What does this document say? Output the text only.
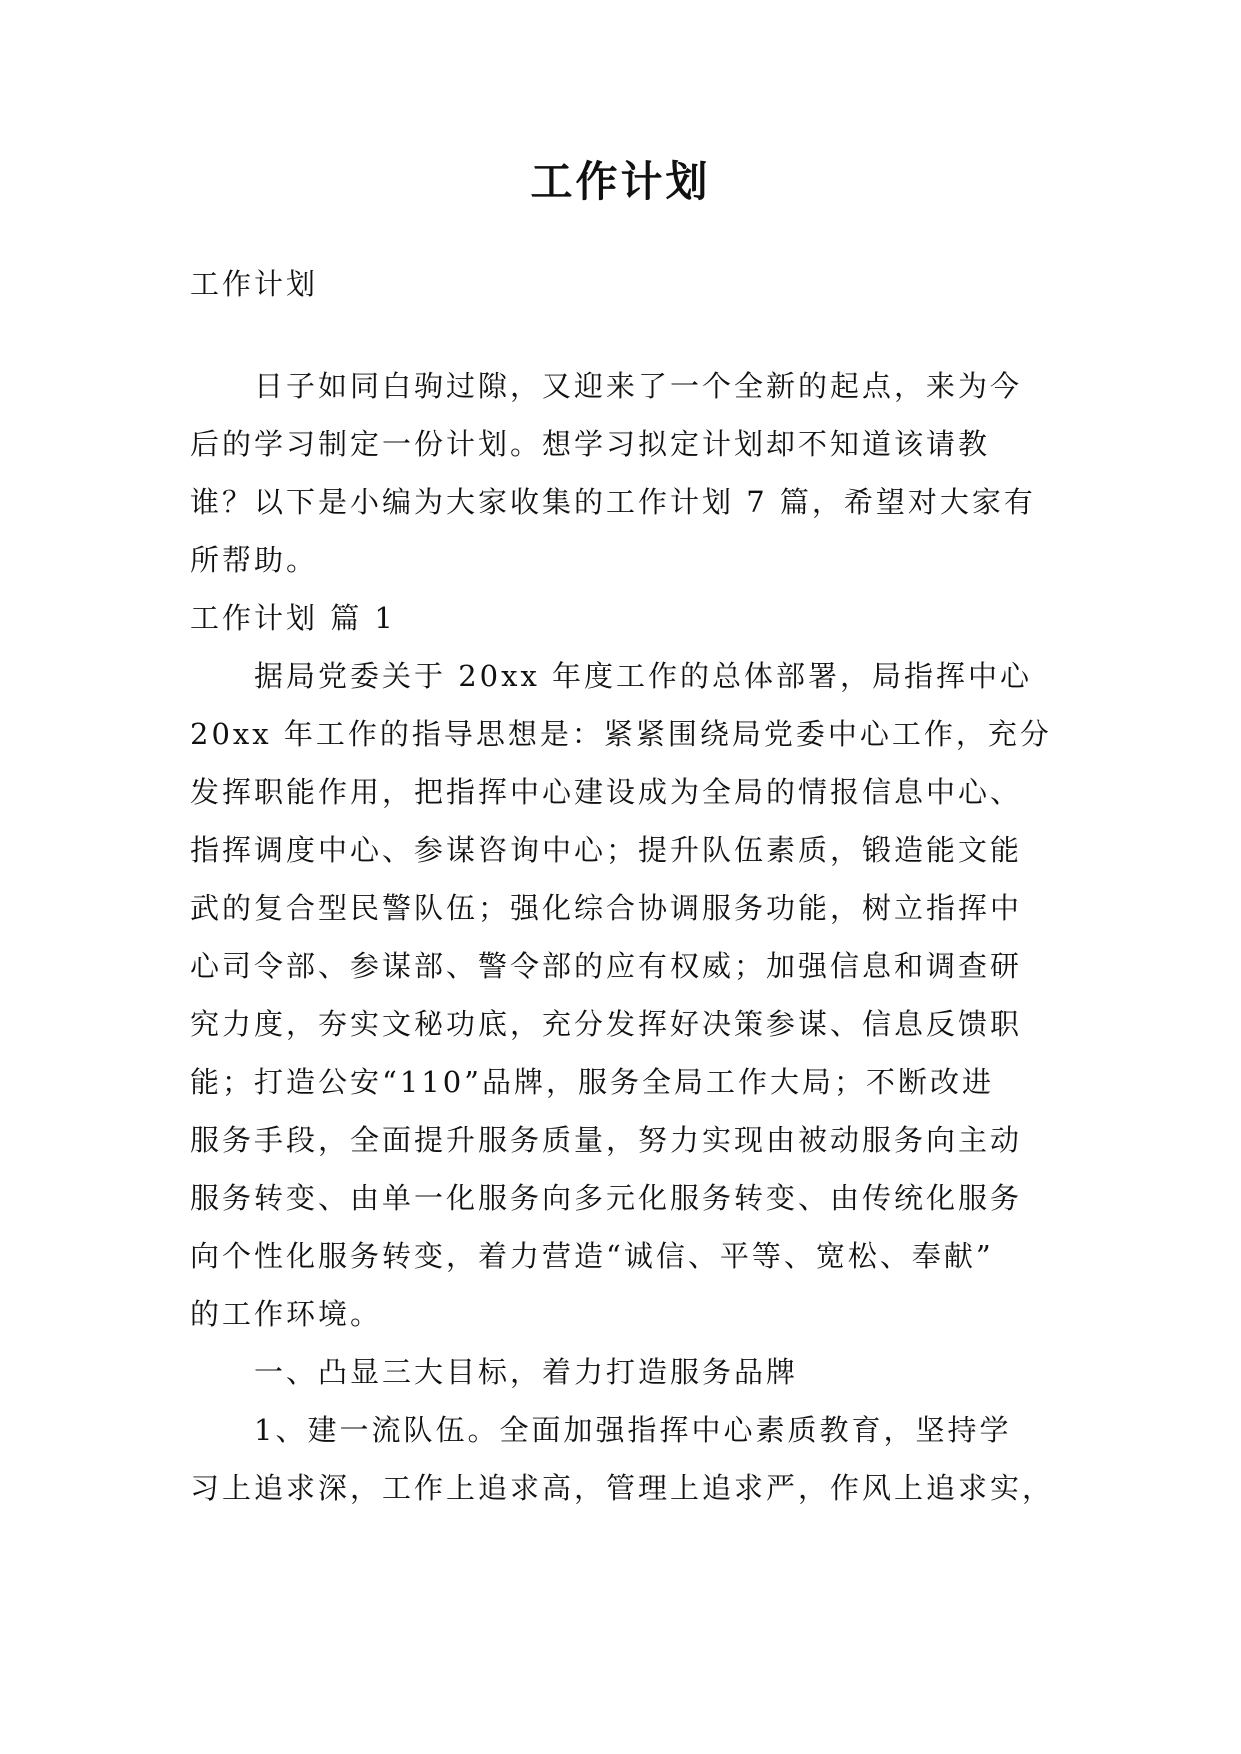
工作计划
工作计划
　　日子如同白驹过隙，又迎来了一个全新的起点，来为今
后的学习制定一份计划。想学习拟定计划却不知道该请教
谁？以下是小编为大家收集的工作计划 7 篇，希望对大家有
所帮助。
工作计划 篇 1
　　据局党委关于 20xx 年度工作的总体部署，局指挥中心
20xx 年工作的指导思想是：紧紧围绕局党委中心工作，充分
发挥职能作用，把指挥中心建设成为全局的情报信息中心、
指挥调度中心、参谋咨询中心；提升队伍素质，锻造能文能
武的复合型民警队伍；强化综合协调服务功能，树立指挥中
心司令部、参谋部、警令部的应有权威；加强信息和调查研
究力度，夯实文秘功底，充分发挥好决策参谋、信息反馈职
能；打造公安“110”品牌，服务全局工作大局；不断改进
服务手段，全面提升服务质量，努力实现由被动服务向主动
服务转变、由单一化服务向多元化服务转变、由传统化服务
向个性化服务转变，着力营造“诚信、平等、宽松、奉献”
的工作环境。
　　一、凸显三大目标，着力打造服务品牌
　　1、建一流队伍。全面加强指挥中心素质教育，坚持学
习上追求深，工作上追求高，管理上追求严，作风上追求实，
